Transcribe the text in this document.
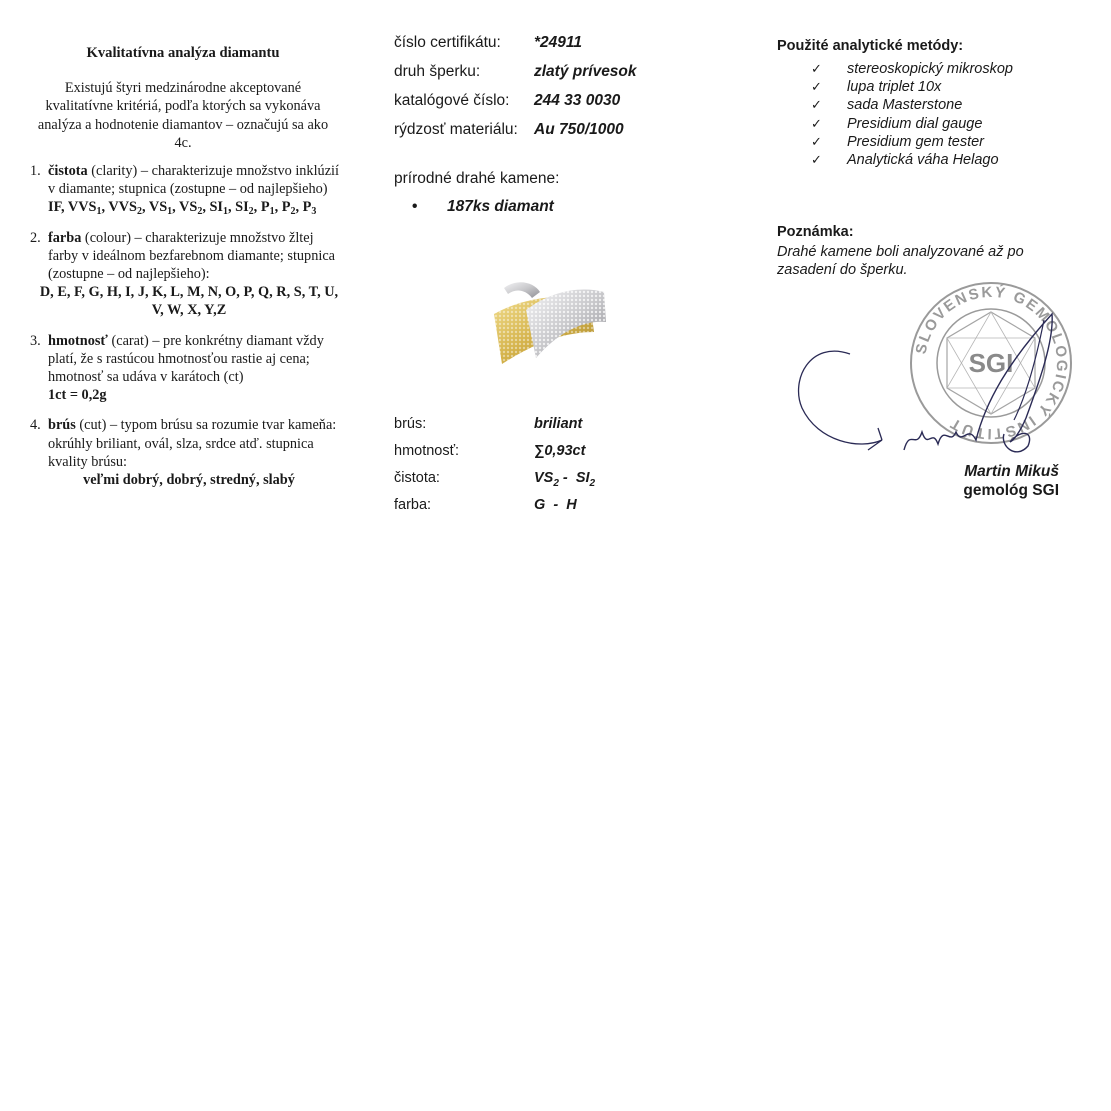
Kvalitatívna analýza diamantu
Existujú štyri medzinárodne akceptované kvalitatívne kritériá, podľa ktorých sa vykonáva analýza a hodnotenie diamantov – označujú sa ako 4c.
1. čistota (clarity) – charakterizuje množstvo inklúzií v diamante; stupnica (zostupne – od najlepšieho)
IF, $VVS_1$, $VVS_2$, $VS_1$, $VS_2$, $SI_1$, $SI_2$, $P_1$, $P_2$, $P_3$
2. farba (colour) – charakterizuje množstvo žltej farby v ideálnom bezfarebnom diamante; stupnica (zostupne – od najlepšieho):
D, E, F, G, H, I, J, K, L, M, N, O, P, Q, R, S, T, U, V, W, X, Y,Z
3. hmotnosť (carat) – pre konkrétny diamant vždy platí, že s rastúcou hmotnosťou rastie aj cena; hmotnosť sa udáva v karátoch (ct)
1ct = 0,2g
4. brús (cut) – typom brúsu sa rozumie tvar kameňa: okrúhly briliant, ovál, slza, srdce atď. stupnica kvality brúsu:
veľmi dobrý, dobrý, stredný, slabý
číslo certifikátu: *24911
druh šperku:	zlatý prívesok
katalógové číslo: 244 33 0030
rýdzosť materiálu: Au 750/1000
prírodné drahé kamene:
• 187ks diamant
brús:	briliant
hmotnosť:	∑0,93ct
čistota:	$VS_2 - SI_2$
farba:	G  -  H
Použité analytické metódy:
✓ stereoskopický mikroskop
✓ lupa triplet 10x
✓ sada Masterstone
✓ Presidium dial gauge
✓ Presidium gem tester
✓ Analytická váha Helago
Poznámka:
Drahé kamene boli analyzované až po zasadení do šperku.
SLOVENSKÝ GEMOLOGICKÝ INŠTITÚT
SGI
Martin Mikuš
gemológ SGI
